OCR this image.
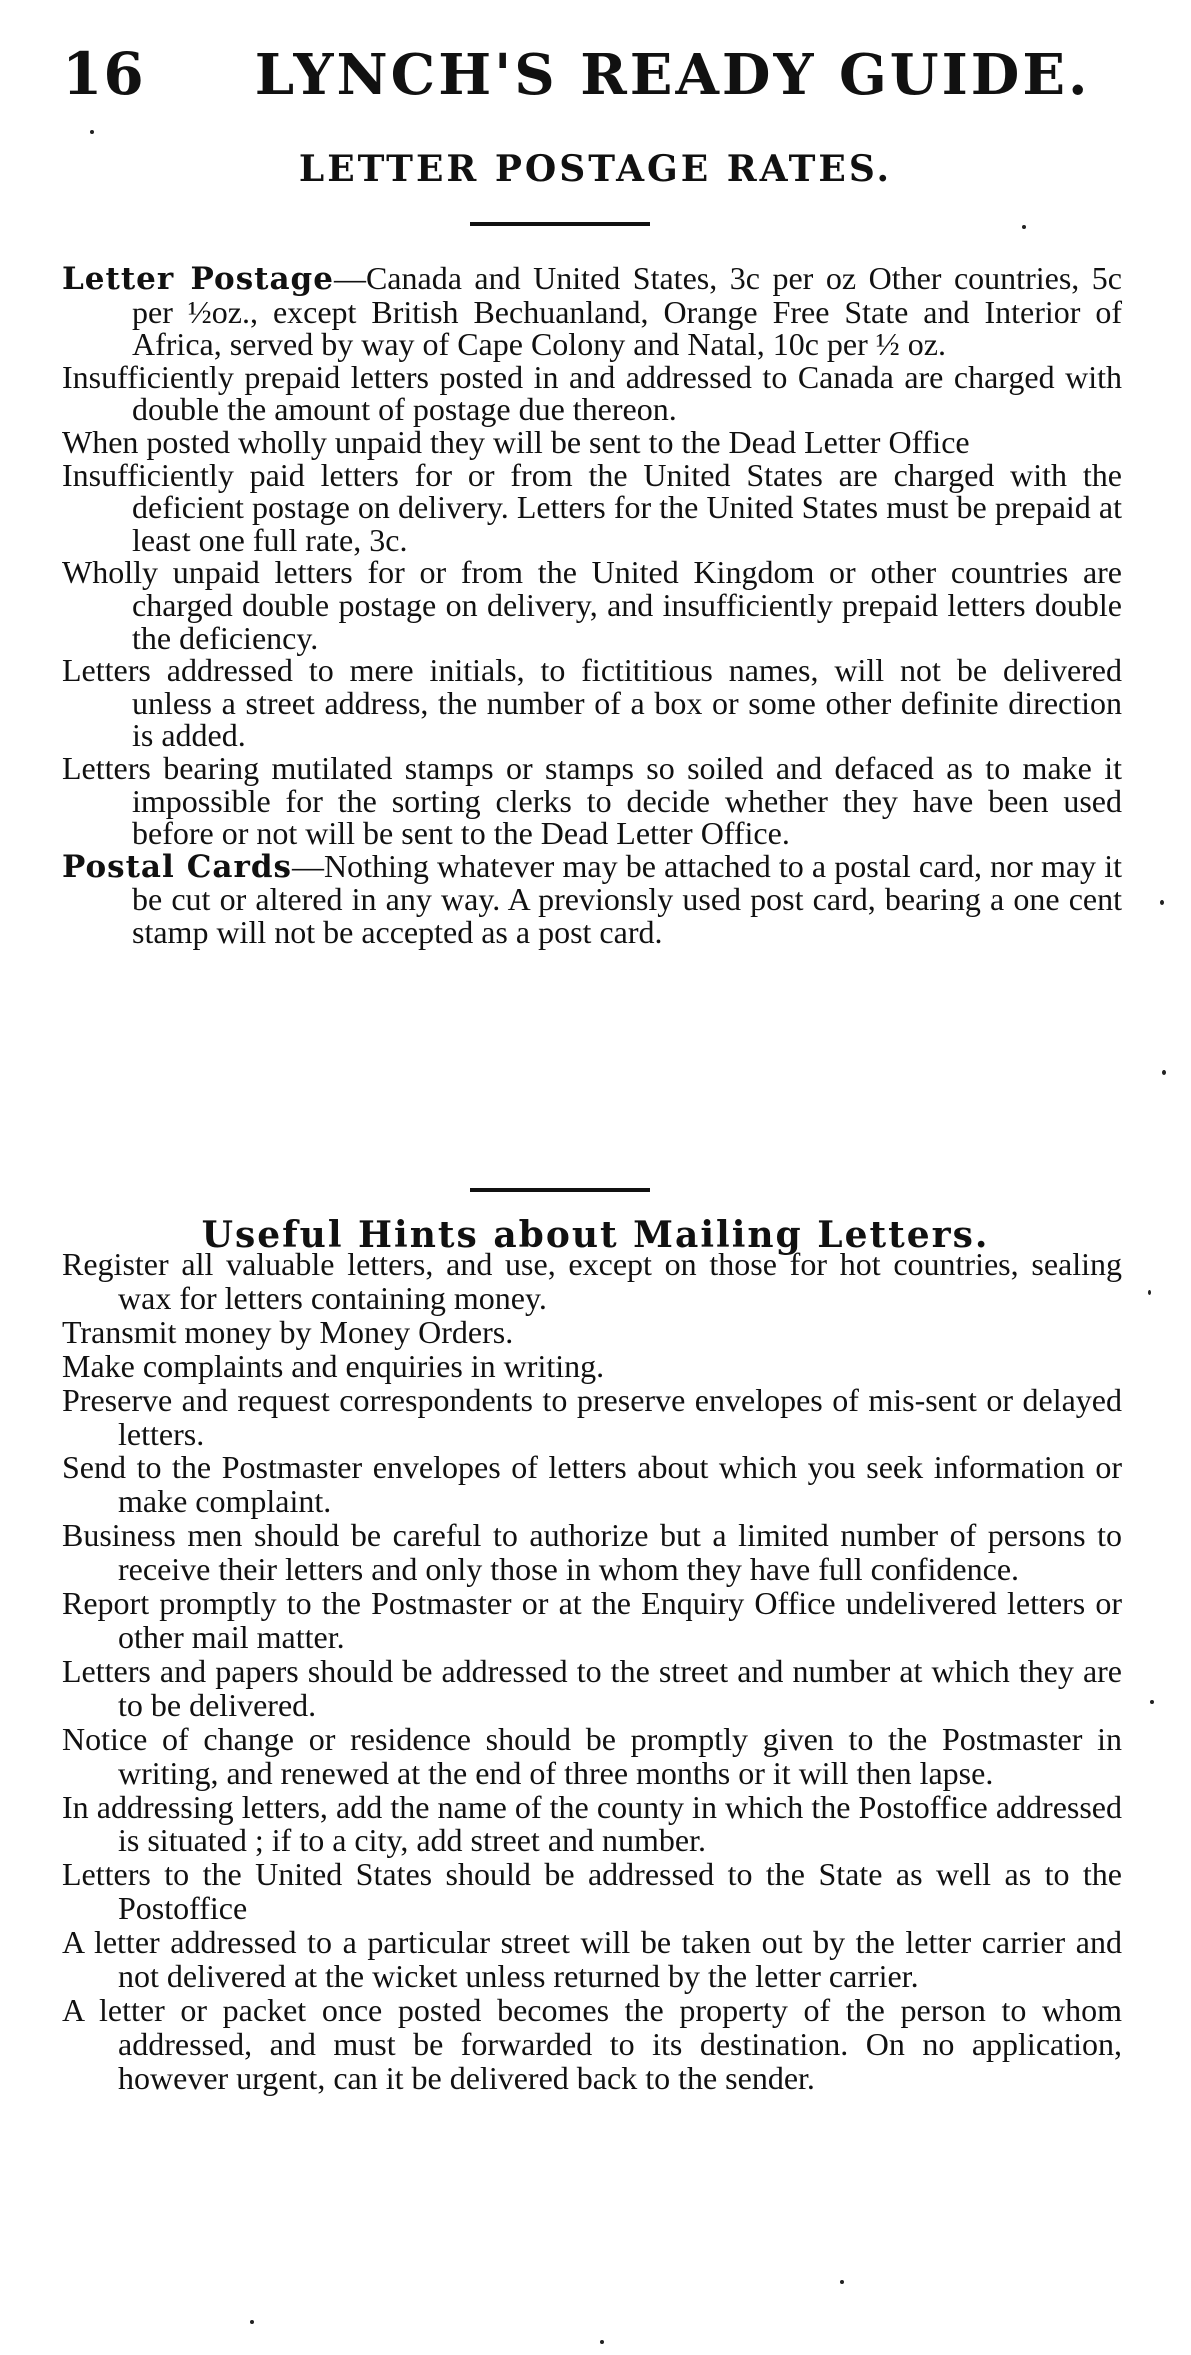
16 LYNCH'S READY GUIDE.
LETTER POSTAGE RATES.

Letter Postage—Canada and United States, 3c per oz Other countries, 5c per ½oz., except British Bechuanland, Orange Free State and Interior of Africa, served by way of Cape Colony and Natal, 10c per ½ oz.

Insufficiently prepaid letters posted in and addressed to Canada are charged with double the amount of postage due thereon.

When posted wholly unpaid they will be sent to the Dead Letter Office

Insufficiently paid letters for or from the United States are charged with the deficient postage on delivery. Letters for the United States must be prepaid at least one full rate, 3c.

Wholly unpaid letters for or from the United Kingdom or other countries are charged double postage on delivery, and insufficiently prepaid letters double the deficiency.

Letters addressed to mere initials, to fictititious names, will not be delivered unless a street address, the number of a box or some other definite direction is added.

Letters bearing mutilated stamps or stamps so soiled and defaced as to make it impossible for the sorting clerks to decide whether they have been used before or not will be sent to the Dead Letter Office.

Postal Cards—Nothing whatever may be attached to a postal card, nor may it be cut or altered in any way. A previonsly used post card, bearing a one cent stamp will not be accepted as a post card.

Useful Hints about Mailing Letters.

Register all valuable letters, and use, except on those for hot countries, sealing wax for letters containing money.

Transmit money by Money Orders.

Make complaints and enquiries in writing.

Preserve and request correspondents to preserve envelopes of mis-sent or delayed letters.

Send to the Postmaster envelopes of letters about which you seek information or make complaint.

Business men should be careful to authorize but a limited number of persons to receive their letters and only those in whom they have full confidence.

Report promptly to the Postmaster or at the Enquiry Office undelivered letters or other mail matter.

Letters and papers should be addressed to the street and number at which they are to be delivered.

Notice of change or residence should be promptly given to the Postmaster in writing, and renewed at the end of three months or it will then lapse.

In addressing letters, add the name of the county in which the Postoffice addressed is situated ; if to a city, add street and number.

Letters to the United States should be addressed to the State as well as to the Postoffice

A letter addressed to a particular street will be taken out by the letter carrier and not delivered at the wicket unless returned by the letter carrier.

A letter or packet once posted becomes the property of the person to whom addressed, and must be forwarded to its destination. On no application, however urgent, can it be delivered back to the sender.
